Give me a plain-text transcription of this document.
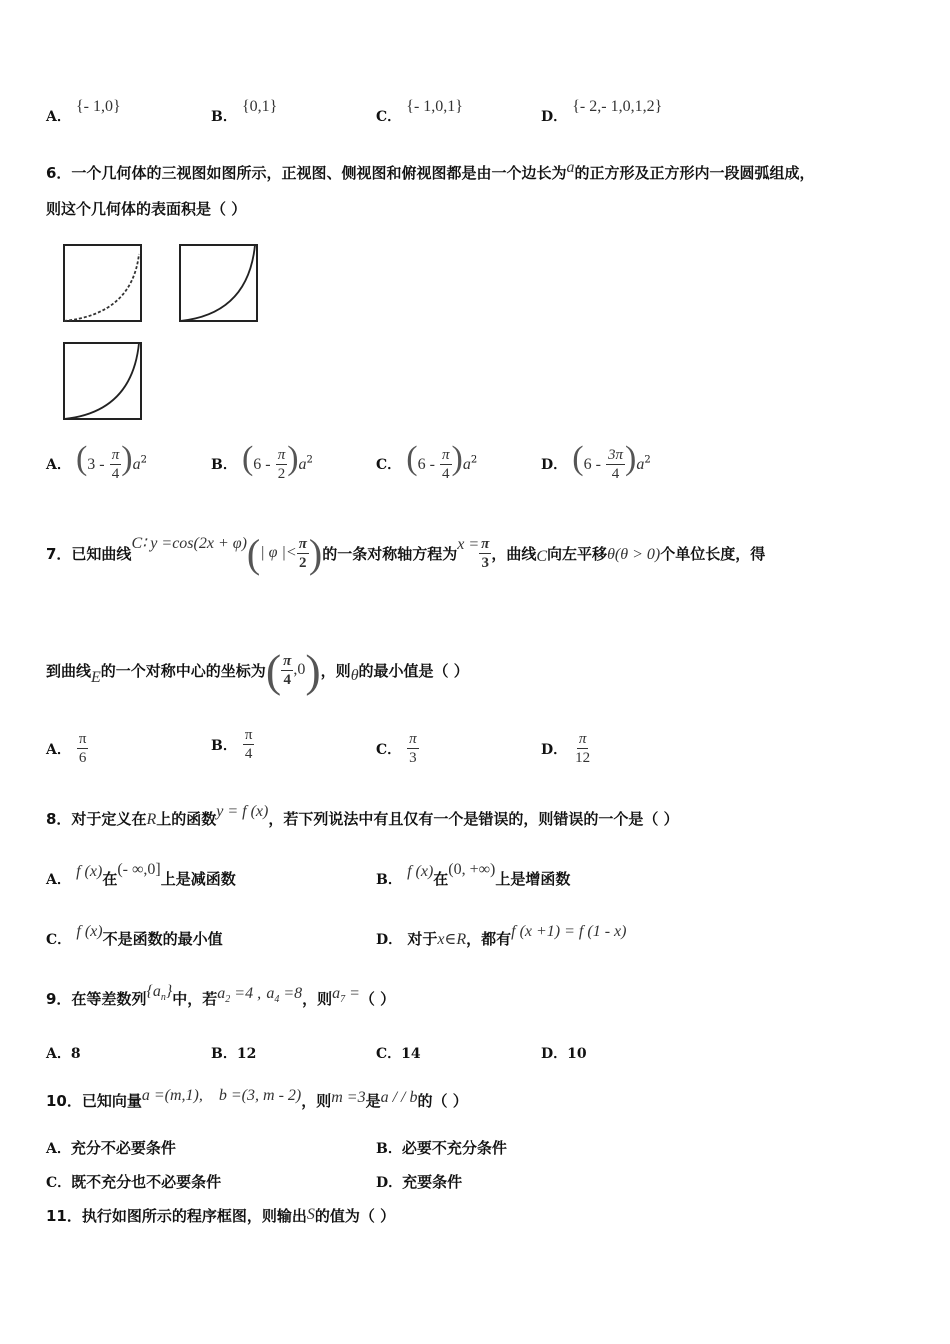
A． {- 1,0}
B． {0,1}
C． {- 1,0,1}
D． {- 2,- 1,0,1,2}
6．一个几何体的三视图如图所示，正视图、侧视图和俯视图都是由一个边长为a的正方形及正方形内一段圆弧组成，
则这个几何体的表面积是（ ）
A． $(3 - \frac{\pi}{4} )a^2$	B． $(6 - \frac{\pi}{2} )a^2$	C． $(6 - \frac{\pi}{4} )a^2$	D． $(6 - \frac{3\pi}{4} )a^2$
7．已知曲线
C∶ y =cos(2x + φ) ( | φ |< $\frac{\pi}{2}$ ) 的一条对称轴方程为 $x = \frac{\pi}{3}$ ，曲线 C 向左平移 θ(θ > 0) 个单位长度，得
到曲线 E 的一个对称中心的坐标为 ( $\frac{\pi}{4} ,0$ ) ，则 θ 的最小值是（ ）
A． $\frac{\pi}{6}$	B． $\frac{\pi}{4}$	C． $\frac{\pi}{3}$	D． $\frac{\pi}{12}$
8．对于定义在R上的函数y = f (x)，若下列说法中有且仅有一个是错误的，则错误的一个是（ ）
A． f (x)在(- ∞,0]上是减函数	B． f (x)在(0, +∞)上是增函数
C． f (x)不是函数的最小值	D． 对于x∈R，都有f (x +1) = f (1 - x)
9．在等差数列$\{a_n\}$中，若$a_2 =4$ , $a_4 =8$，则$a_7$ =（ ）
A．8	B．12	C．14	D．10
10．已知向量a =(m,1),    b =(3, m - 2)，则m =3是a / / b的（ ）
A．充分不必要条件	B．必要不充分条件
C．既不充分也不必要条件	D．充要条件
11．执行如图所示的程序框图，则输出S的值为（ ）
